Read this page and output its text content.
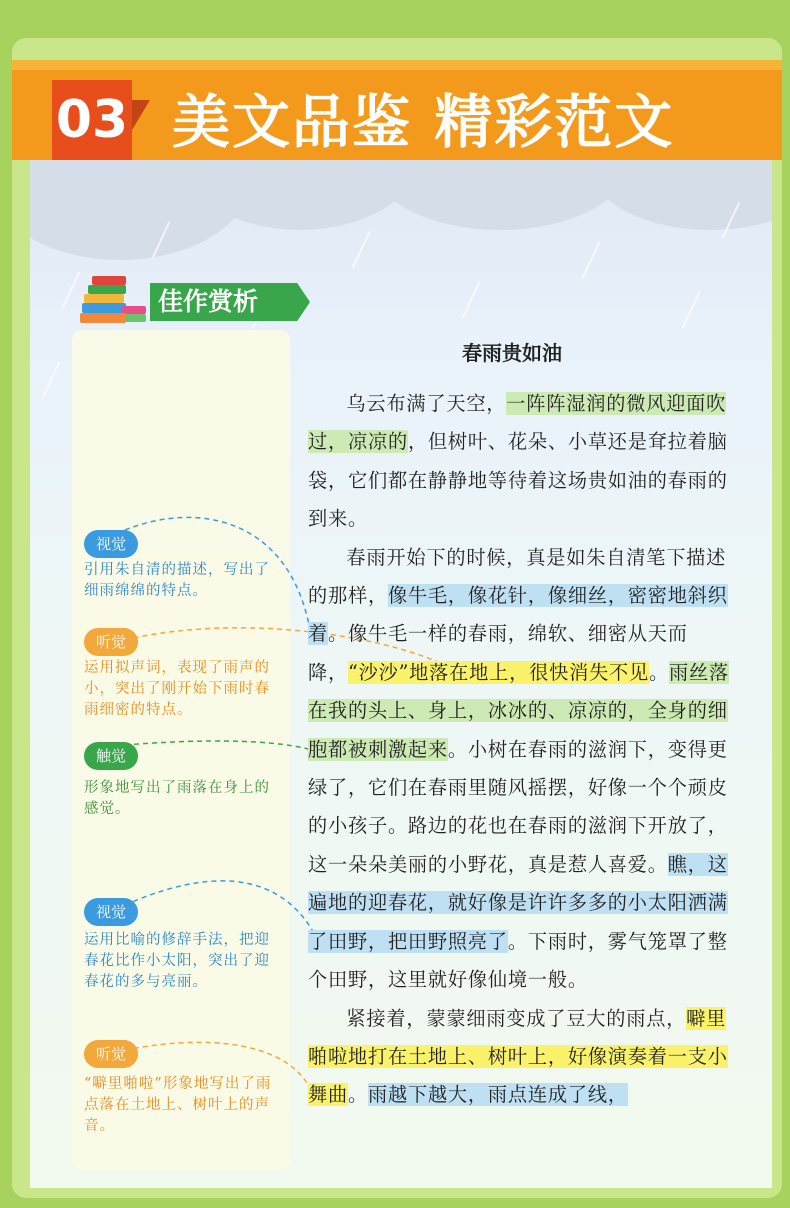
03 美文品鉴 精彩范文
佳作赏析
视觉
引用朱自清的描述，写出了细雨绵绵的特点。
听觉
运用拟声词，表现了雨声的小，突出了刚开始下雨时春雨细密的特点。
触觉
形象地写出了雨落在身上的感觉。
视觉
运用比喻的修辞手法，把迎春花比作小太阳，突出了迎春花的多与亮丽。
听觉
“噼里啪啦”形象地写出了雨点落在土地上、树叶上的声音。
春雨贵如油

乌云布满了天空，一阵阵湿润的微风迎面吹过，凉凉的，但树叶、花朵、小草还是耷拉着脑袋，它们都在静静地等待着这场贵如油的春雨的到来。

春雨开始下的时候，真是如朱自清笔下描述的那样，像牛毛，像花针，像细丝，密密地斜织着。像牛毛一样的春雨，绵软、细密从天而降，“沙沙”地落在地上，很快消失不见。雨丝落在我的头上、身上，冰冰的、凉凉的，全身的细胞都被刺激起来。小树在春雨的滋润下，变得更绿了，它们在春雨里随风摇摆，好像一个个顽皮的小孩子。路边的花也在春雨的滋润下开放了，这一朵朵美丽的小野花，真是惹人喜爱。瞧，这遍地的迎春花，就好像是许许多多的小太阳洒满了田野，把田野照亮了。下雨时，雾气笼罩了整个田野，这里就好像仙境一般。

紧接着，蒙蒙细雨变成了豆大的雨点，噼里啪啦地打在土地上、树叶上，好像演奏着一支小舞曲。雨越下越大，雨点连成了线，
